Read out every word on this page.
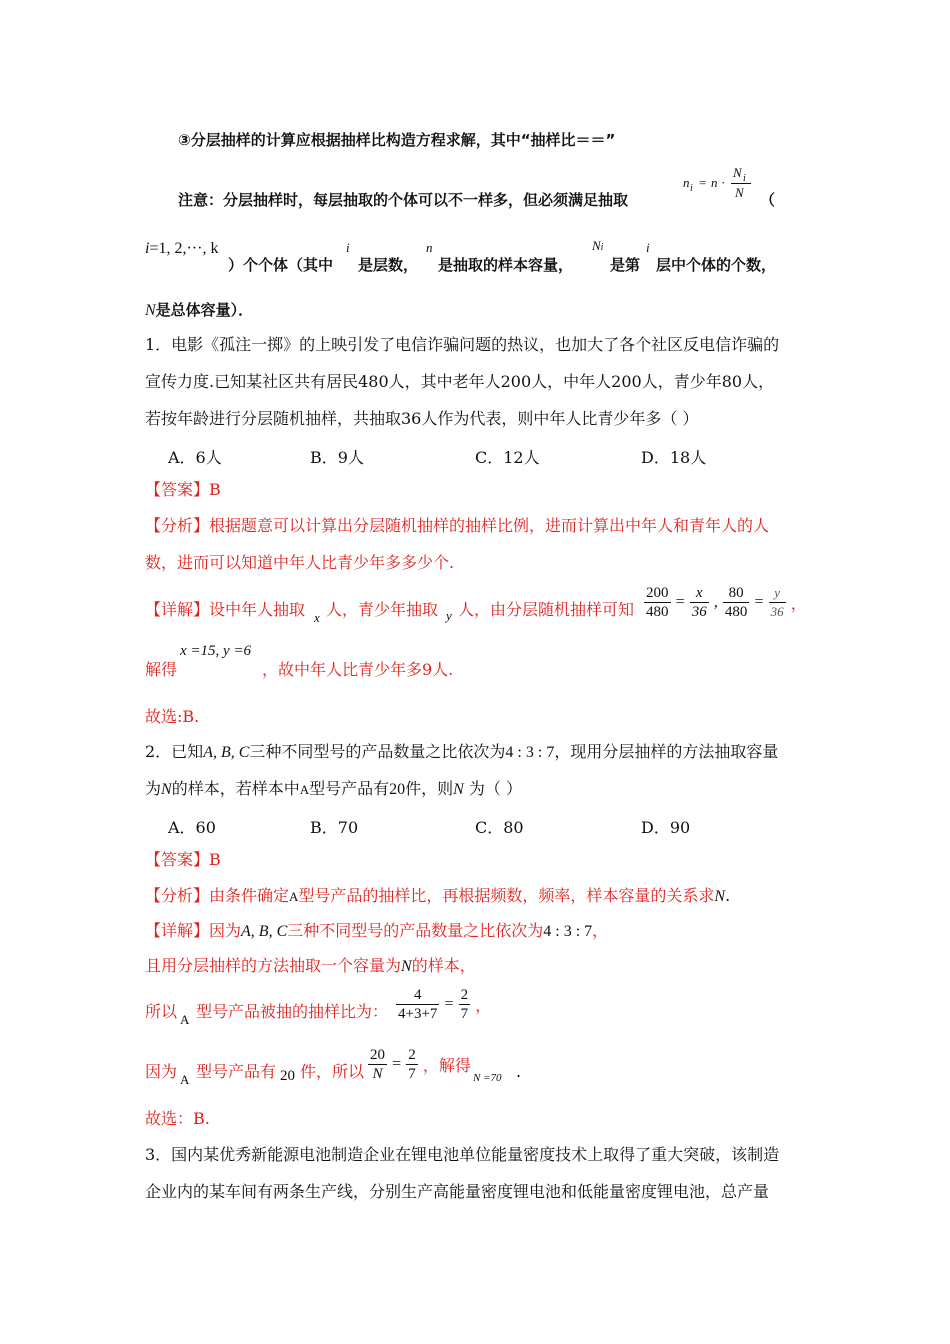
③分层抽样的计算应根据抽样比构造方程求解，其中“抽样比＝＝”
注意：分层抽样时，每层抽取的个体可以不一样多，但必须满足抽取
n i = n ·
N i
N （
i=1, 2,···, k
）个个体（其中
i
是层数，
n
是抽取的样本容量，
Ni
是第
i
层中个体的个数，
N是总体容量）．
1．电影《孤注一掷》的上映引发了电信诈骗问题的热议，也加大了各个社区反电信诈骗的
宣传力度.已知某社区共有居民480人，其中老年人200人，中年人200人，青少年80人，
若按年龄进行分层随机抽样，共抽取36人作为代表，则中年人比青少年多（ ）
A．6人	B．9人	C．12人	D．18人
【答案】B
【分析】根据题意可以计算出分层随机抽样的抽样比例，进而计算出中年人和青年人的人
数，进而可以知道中年人比青少年多多少个.
【详解】设中年人抽取 x 人，青少年抽取 y 人，由分层随机抽样可知 $\frac{200}{480} = \frac{x}{36}$ , $\frac{80}{480} = \frac{y}{36}$ ，
解得
x =15, y =6
，故中年人比青少年多9人.
故选:B.
2．已知A, B, C三种不同型号的产品数量之比依次为4 : 3 : 7，现用分层抽样的方法抽取容量
为N的样本，若样本中A型号产品有20件，则N 为（ ）
A．60	B．70	C．80	D．90
【答案】B
【分析】由条件确定A型号产品的抽样比，再根据频数，频率，样本容量的关系求N.
【详解】因为A, B, C三种不同型号的产品数量之比依次为4 : 3 : 7，
且用分层抽样的方法抽取一个容量为N的样本，
所以 A 型号产品被抽的抽样比为： $\frac{4}{4+3+7} = \frac{2}{7}$ ，
因为 A 型号产品有 20 件，所以 $\frac{20}{N} = \frac{2}{7}$ ，解得
N =70 .
故选：B.
3．国内某优秀新能源电池制造企业在锂电池单位能量密度技术上取得了重大突破，该制造
企业内的某车间有两条生产线，分别生产高能量密度锂电池和低能量密度锂电池，总产量
